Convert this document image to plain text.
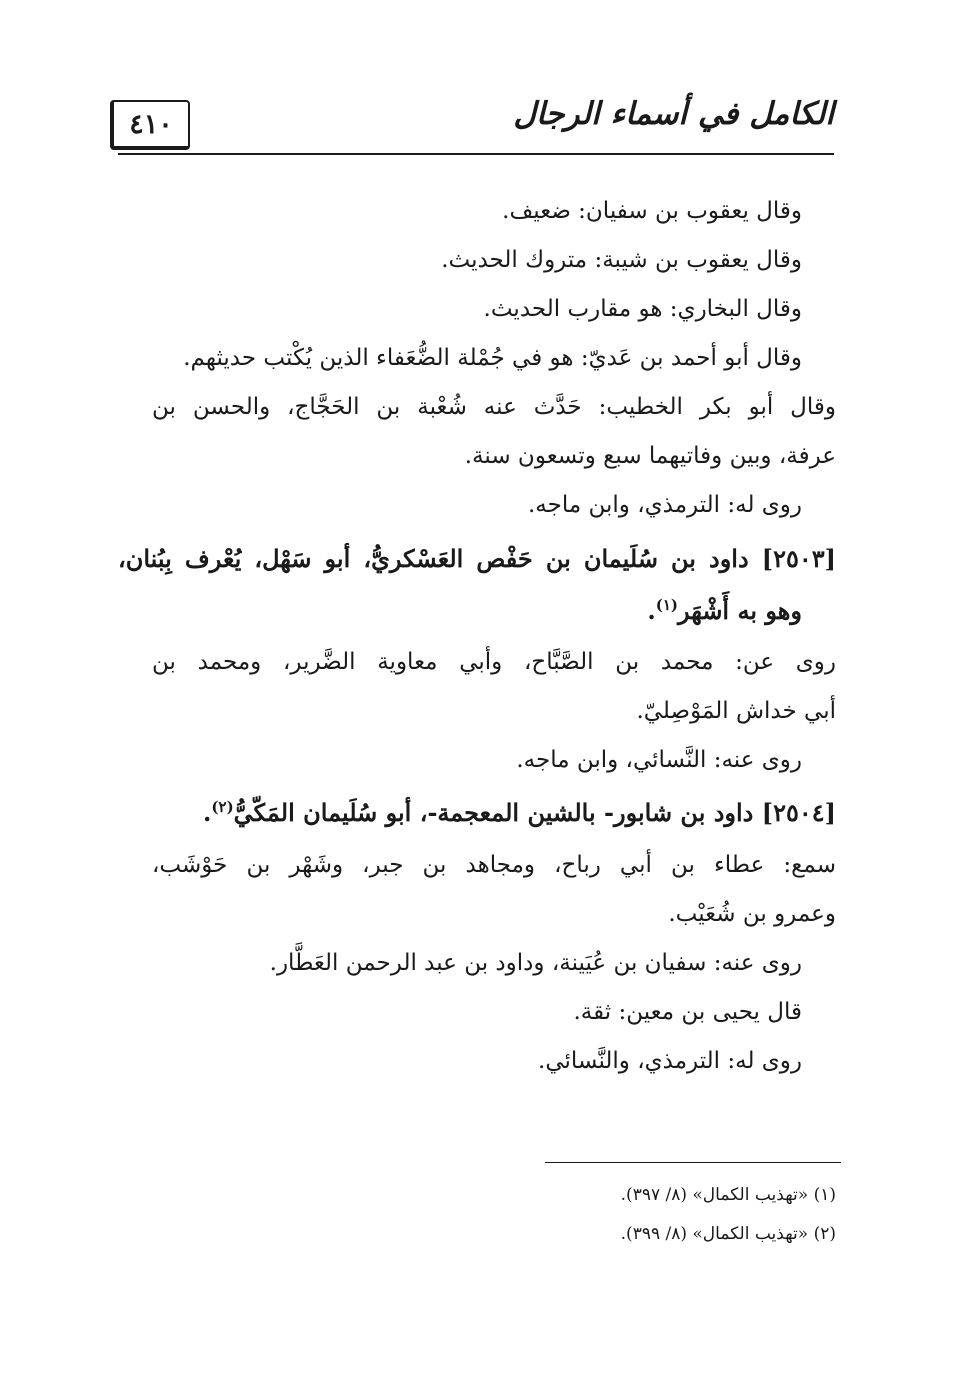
٤١٠	الكامل في أسماء الرجال
وقال يعقوب بن سفيان: ضعيف.
وقال يعقوب بن شيبة: متروك الحديث.
وقال البخاري: هو مقارب الحديث.
وقال أبو أحمد بن عَديّ: هو في جُمْلة الضُّعَفاء الذين يُكْتب حديثهم.
وقال أبو بكر الخطيب: حَدَّث عنه شُعْبة بن الحَجَّاج، والحسن بن
عرفة، وبين وفاتيهما سبع وتسعون سنة.
روى له: الترمذي، وابن ماجه.
[٢٥٠٣] داود بن سُلَيمان بن حَفْص العَسْكريُّ، أبو سَهْل، يُعْرف بِبُنان،
وهو به أَشْهَر$^{(١)}$.
روى عن: محمد بن الصَّبَّاح، وأبي معاوية الضَّرير، ومحمد بن
أبي خداش المَوْصِليّ.
روى عنه: النَّسائي، وابن ماجه.
[٢٥٠٤] داود بن شابور- بالشين المعجمة-، أبو سُلَيمان المَكّيُّ$^{(٢)}$.
سمع: عطاء بن أبي رباح، ومجاهد بن جبر، وشَهْر بن حَوْشَب،
وعمرو بن شُعَيْب.
روى عنه: سفيان بن عُيَينة، وداود بن عبد الرحمن العَطَّار.
قال يحيى بن معين: ثقة.
روى له: الترمذي، والنَّسائي.
(١) «تهذيب الكمال» (٨/ ٣٩٧).
(٢) «تهذيب الكمال» (٨/ ٣٩٩).
